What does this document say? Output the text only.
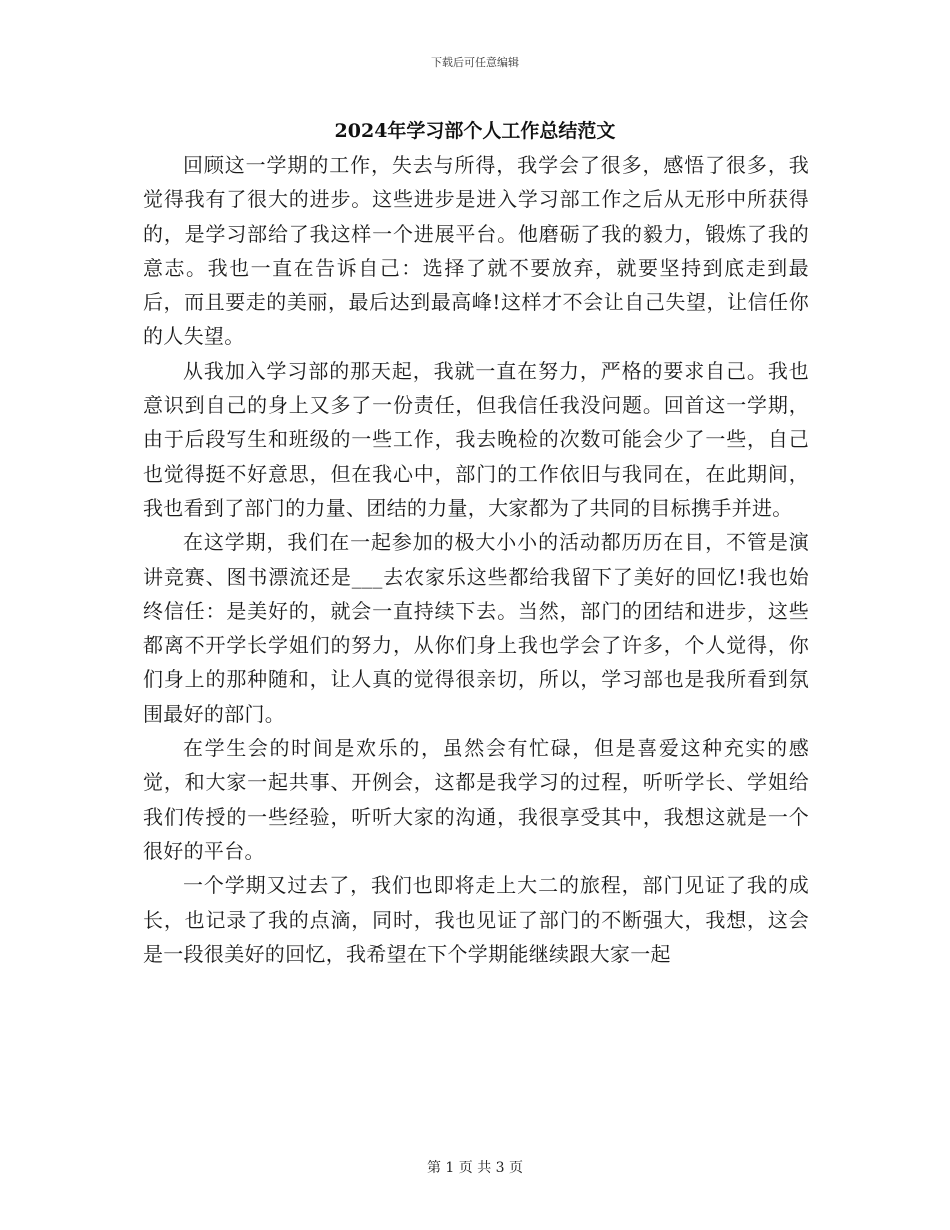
下载后可任意编辑
2024年学习部个人工作总结范文

回顾这一学期的工作，失去与所得，我学会了很多，感悟了很多，我觉得我有了很大的进步。这些进步是进入学习部工作之后从无形中所获得的，是学习部给了我这样一个进展平台。他磨砺了我的毅力，锻炼了我的意志。我也一直在告诉自己：选择了就不要放弃，就要坚持到底走到最后，而且要走的美丽，最后达到最高峰!这样才不会让自己失望，让信任你的人失望。

从我加入学习部的那天起，我就一直在努力，严格的要求自己。我也意识到自己的身上又多了一份责任，但我信任我没问题。回首这一学期，由于后段写生和班级的一些工作，我去晚检的次数可能会少了一些，自己也觉得挺不好意思，但在我心中，部门的工作依旧与我同在，在此期间，我也看到了部门的力量、团结的力量，大家都为了共同的目标携手并进。

在这学期，我们在一起参加的极大小小的活动都历历在目，不管是演讲竞赛、图书漂流还是___去农家乐这些都给我留下了美好的回忆!我也始终信任：是美好的，就会一直持续下去。当然，部门的团结和进步，这些都离不开学长学姐们的努力，从你们身上我也学会了许多，个人觉得，你们身上的那种随和，让人真的觉得很亲切，所以，学习部也是我所看到氛围最好的部门。

在学生会的时间是欢乐的，虽然会有忙碌，但是喜爱这种充实的感觉，和大家一起共事、开例会，这都是我学习的过程，听听学长、学姐给我们传授的一些经验，听听大家的沟通，我很享受其中，我想这就是一个很好的平台。

一个学期又过去了，我们也即将走上大二的旅程，部门见证了我的成长，也记录了我的点滴，同时，我也见证了部门的不断强大，我想，这会是一段很美好的回忆，我希望在下个学期能继续跟大家一起

第 1 页 共 3 页
